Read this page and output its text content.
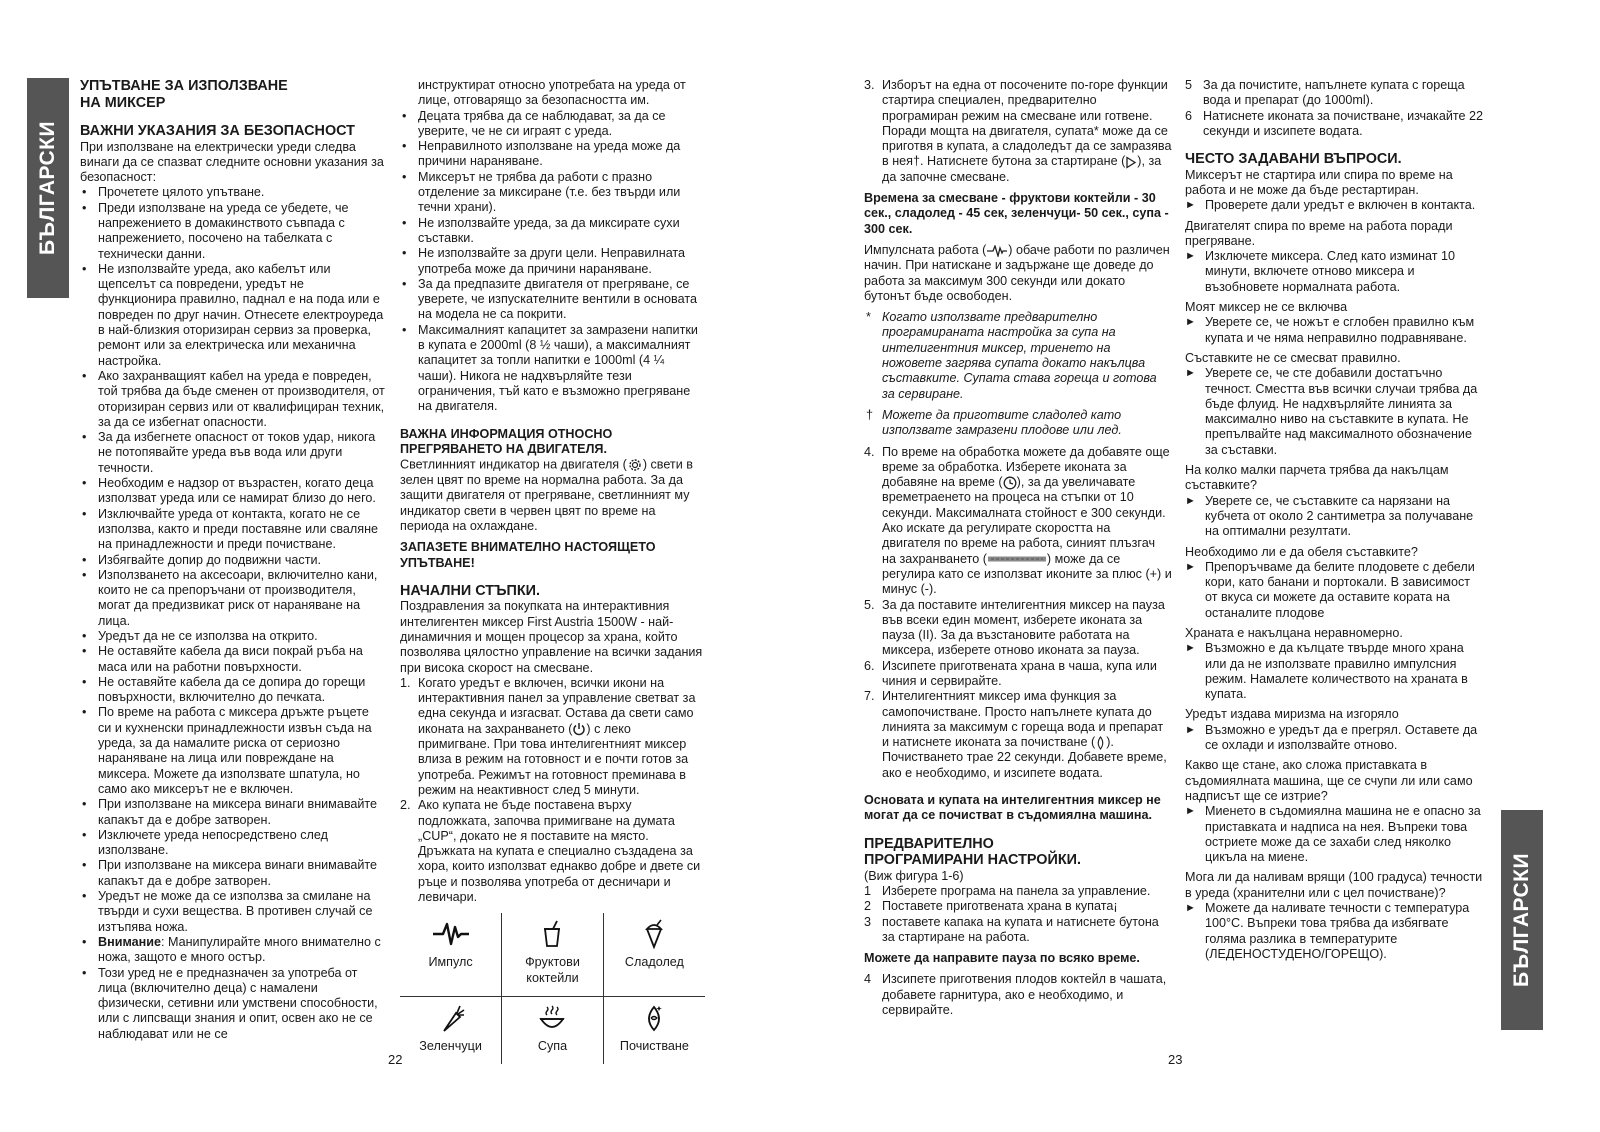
БЪЛГАРСКИ
УПЪТВАНЕ ЗА ИЗПОЛЗВАНЕ
НА МИКСЕР
ВАЖНИ УКАЗАНИЯ ЗА БЕЗОПАСНОСТ

При използване на електрически уреди следва винаги да се спазват следните основни указания за безопасност:

• Прочетете цялото упътване.
• Преди използване на уреда се убедете, че напрежението в домакинството съвпада с напрежението, посочено на табелката с технически данни.
• Не използвайте уреда, ако кабелът или щепселът са повредени, уредът не функционира правилно, паднал е на пода или е повреден по друг начин. Отнесете електроуреда в най-близкия оторизиран сервиз за проверка, ремонт или за електрическа или механична настройка.
• Ако захранващият кабел на уреда е повреден, той трябва да бъде сменен от производителя, от оторизиран сервиз или от квалифициран техник, за да се избегнат опасности.
• За да избегнете опасност от токов удар, никога не потопявайте уреда във вода или други течности.
• Необходим е надзор от възрастен, когато деца използват уреда или се намират близо до него.
• Изключвайте уреда от контакта, когато не се използва, както и преди поставяне или сваляне на принадлежности и преди почистване.
• Избягвайте допир до подвижни части.
• Използването на аксесоари, включително кани, които не са препоръчани от производителя, могат да предизвикат риск от нараняване на лица.
• Уредът да не се използва на открито.
• Не оставяйте кабела да виси покрай ръба на маса или на работни повърхности.
• Не оставяйте кабела да се допира до горещи повърхности, включително до печката.
• По време на работа с миксера дръжте ръцете си и кухненски принадлежности извън съда на уреда, за да намалите риска от сериозно нараняване на лица или повреждане на миксера. Можете да използвате шпатула, но само ако миксерът не е включен.
• При използване на миксера винаги внимавайте капакът да е добре затворен.
• Изключете уреда непосредствено след използване.
• При използване на миксера винаги внимавайте капакът да е добре затворен.
• Уредът не може да се използва за смилане на твърди и сухи вещества. В противен случай се изтъпява ножа.
• Внимание: Манипулирайте много внимателно с ножа, защото е много остър.
• Този уред не е предназначен за употреба от лица (включително деца) с намалени физически, сетивни или умствени способности, или с липсващи знания и опит, освен ако не се наблюдават или не се

инструктират относно употребата на уреда от лице, отговарящо за безопасността им.

• Децата трябва да се наблюдават, за да се уверите, че не си играят с уреда.
• Неправилното използване на уреда може да причини нараняване.
• Миксерът не трябва да работи с празно отделение за миксиране (т.е. без твърди или течни храни).
• Не използвайте уреда, за да миксирате сухи съставки.
• Не използвайте за други цели. Неправилната употреба може да причини нараняване.
• За да предпазите двигателя от прегряване, се уверете, че изпускателните вентили в основата на модела не са покрити.
• Максималният капацитет за замразени напитки в купата е 2000ml (8 ½ чаши), а максималният капацитет за топли напитки е 1000ml (4 ¼ чаши). Никога не надхвърляйте тези ограничения, тъй като е възможно прегряване на двигателя.
ВАЖНА ИНФОРМАЦИЯ ОТНОСНО ПРЕГРЯВАНЕТО НА ДВИГАТЕЛЯ.

Светлинният индикатор на двигателя ( ) свети в зелен цвят по време на нормална работа. За да защити двигателя от прегряване, светлинният му индикатор свети в червен цвят по време на периода на охлаждане.

ЗАПАЗЕТЕ ВНИМАТЕЛНО НАСТОЯЩЕТО УПЪТВАНЕ!
НАЧАЛНИ СТЪПКИ.

Поздравления за покупката на интерактивния интелигентен миксер First Austria 1500W - най-динамичния и мощен процесор за храна, който позволява цялостно управление на всички задания при висока скорост на смесване.

1. Когато уредът е включен, всички икони на интерактивния панел за управление светват за една секунда и изгасват. Остава да свети само иконата на захранването ( ) с леко примигване. При това интелигентният миксер влиза в режим на готовност и е почти готов за употреба. Режимът на готовност преминава в режим на неактивност след 5 минути.
2. Ако купата не бъде поставена върху подложката, започва примигване на думата „CUP“, докато не я поставите на място. Дръжката на купата е специално създадена за хора, които използват еднакво добре и двете си ръце и позволява употреба от десничари и левичари.
Импулс	Фруктови коктейли	Сладолед

Зеленчуци	Супа	Почистване
22
3. Изборът на една от посочените по-горе функции стартира специален, предварително програмиран режим на смесване или готвене. Поради мощта на двигателя, супата* може да се приготвя в купата, а сладоледът да се замразява в нея†. Натиснете бутона за стартиране ( ), за да започне смесване.
Времена за смесване - фруктови коктейли - 30 сек., сладолед - 45 сек, зеленчуци- 50 сек., супа - 300 сек.

Импулсната работа ( ) обаче работи по различен начин. При натискане и задържане ще доведе до работа за максимум 300 секунди или докато бутонът бъде освободен.

* Когато използвате предварително програмираната настройка за супа на интелигентния миксер, триенето на ножовете загрява супата докато накълцва съставките. Супата става гореща и готова за сервиране.
† Можете да приготвите сладолед като използвате замразени плодове или лед.
4. По време на обработка можете да добавяте още време за обработка. Изберете иконата за добавяне на време ( ), за да увеличавате времетраенето на процеса на стъпки от 10 секунди. Максималната стойност е 300 секунди.
Ако искате да регулирате скоростта на двигателя по време на работа, синият плъзгач на захранването (	) може да се регулира като се използват иконите за плюс (+) и минус (-).
5. За да поставите интелигентния миксер на пауза във всеки един момент, изберете иконата за пауза (II). За да възстановите работата на миксера, изберете отново иконата за пауза.
6. Изсипете приготвената храна в чаша, купа или чиния и сервирайте.
7. Интелигентният миксер има функция за самопочистване. Просто напълнете купата до линията за максимум с гореща вода и препарат и натиснете иконата за почистване ( ). Почистването трае 22 секунди. Добавете време, ако е необходимо, и изсипете водата.
Основата и купата на интелигентния миксер не могат да се почистват в съдомиялна машина.
ПРЕДВАРИТЕЛНО
ПРОГРАМИРАНИ НАСТРОЙКИ.

(Виж фигура 1-6)

1 Изберете програма на панела за управление.
2 Поставете приготвената храна в купата¡
3 поставете капака на купата и натиснете бутона за стартиране на работа.
Можете да направите пауза по всяко време.
4 Изсипете приготвения плодов коктейл в чашата, добавете гарнитура, ако е необходимо, и сервирайте.
5 За да почистите, напълнете купата с гореща вода и препарат (до 1000ml).
6 Натиснете иконата за почистване, изчакайте 22 секунди и изсипете водата.
ЧЕСТО ЗАДАВАНИ ВЪПРОСИ.

Миксерът не стартира или спира по време на работа и не може да бъде рестартиран.

► Проверете дали уредът е включен в контакта.

Двигателят спира по време на работа поради прегряване.

► Изключете миксера. След като изминат 10 минути, включете отново миксера и възобновете нормалната работа.

Моят миксер не се включва

► Уверете се, че ножът е сглобен правилно към купата и че няма неправилно подравняване.

Съставките не се смесват правилно.

► Уверете се, че сте добавили достатъчно течност. Сместта във всички случаи трябва да бъде флуид. Не надхвърляйте линията за максимално ниво на съставките в купата. Не препълвайте над максималното обозначение за съставки.

На колко малки парчета трябва да накълцам съставките?

► Уверете се, че съставките са нарязани на кубчета от около 2 сантиметра за получаване на оптимални резултати.

Необходимо ли е да обеля съставките?

► Препоръчваме да белите плодовете с дебели кори, като банани и портокали. В зависимост от вкуса си можете да оставите кората на останалите плодове

Храната е накълцана неравномерно.

► Възможно е да кълцате твърде много храна или да не използвате правилно импулсния режим. Намалете количеството на храната в купата.

Уредът издава миризма на изгоряло

► Възможно е уредът да е прегрял. Оставете да се охлади и използвайте отново.

Какво ще стане, ако сложа приставката в съдомиялната машина, ще се счупи ли или само надписът ще се изтрие?

► Миенето в съдомиялна машина не е опасно за приставката и надписа на нея. Въпреки това остриете може да се захаби след няколко цикъла на миене.

Мога ли да наливам врящи (100 градуса) течности в уреда (хранителни или с цел почистване)?

► Можете да наливате течности с температура 100°C. Въпреки това трябва да избягвате голяма разлика в температурите (ЛЕДЕНОСТУДЕНО/ГОРЕЩО).	БЪЛГАРСКИ
23
